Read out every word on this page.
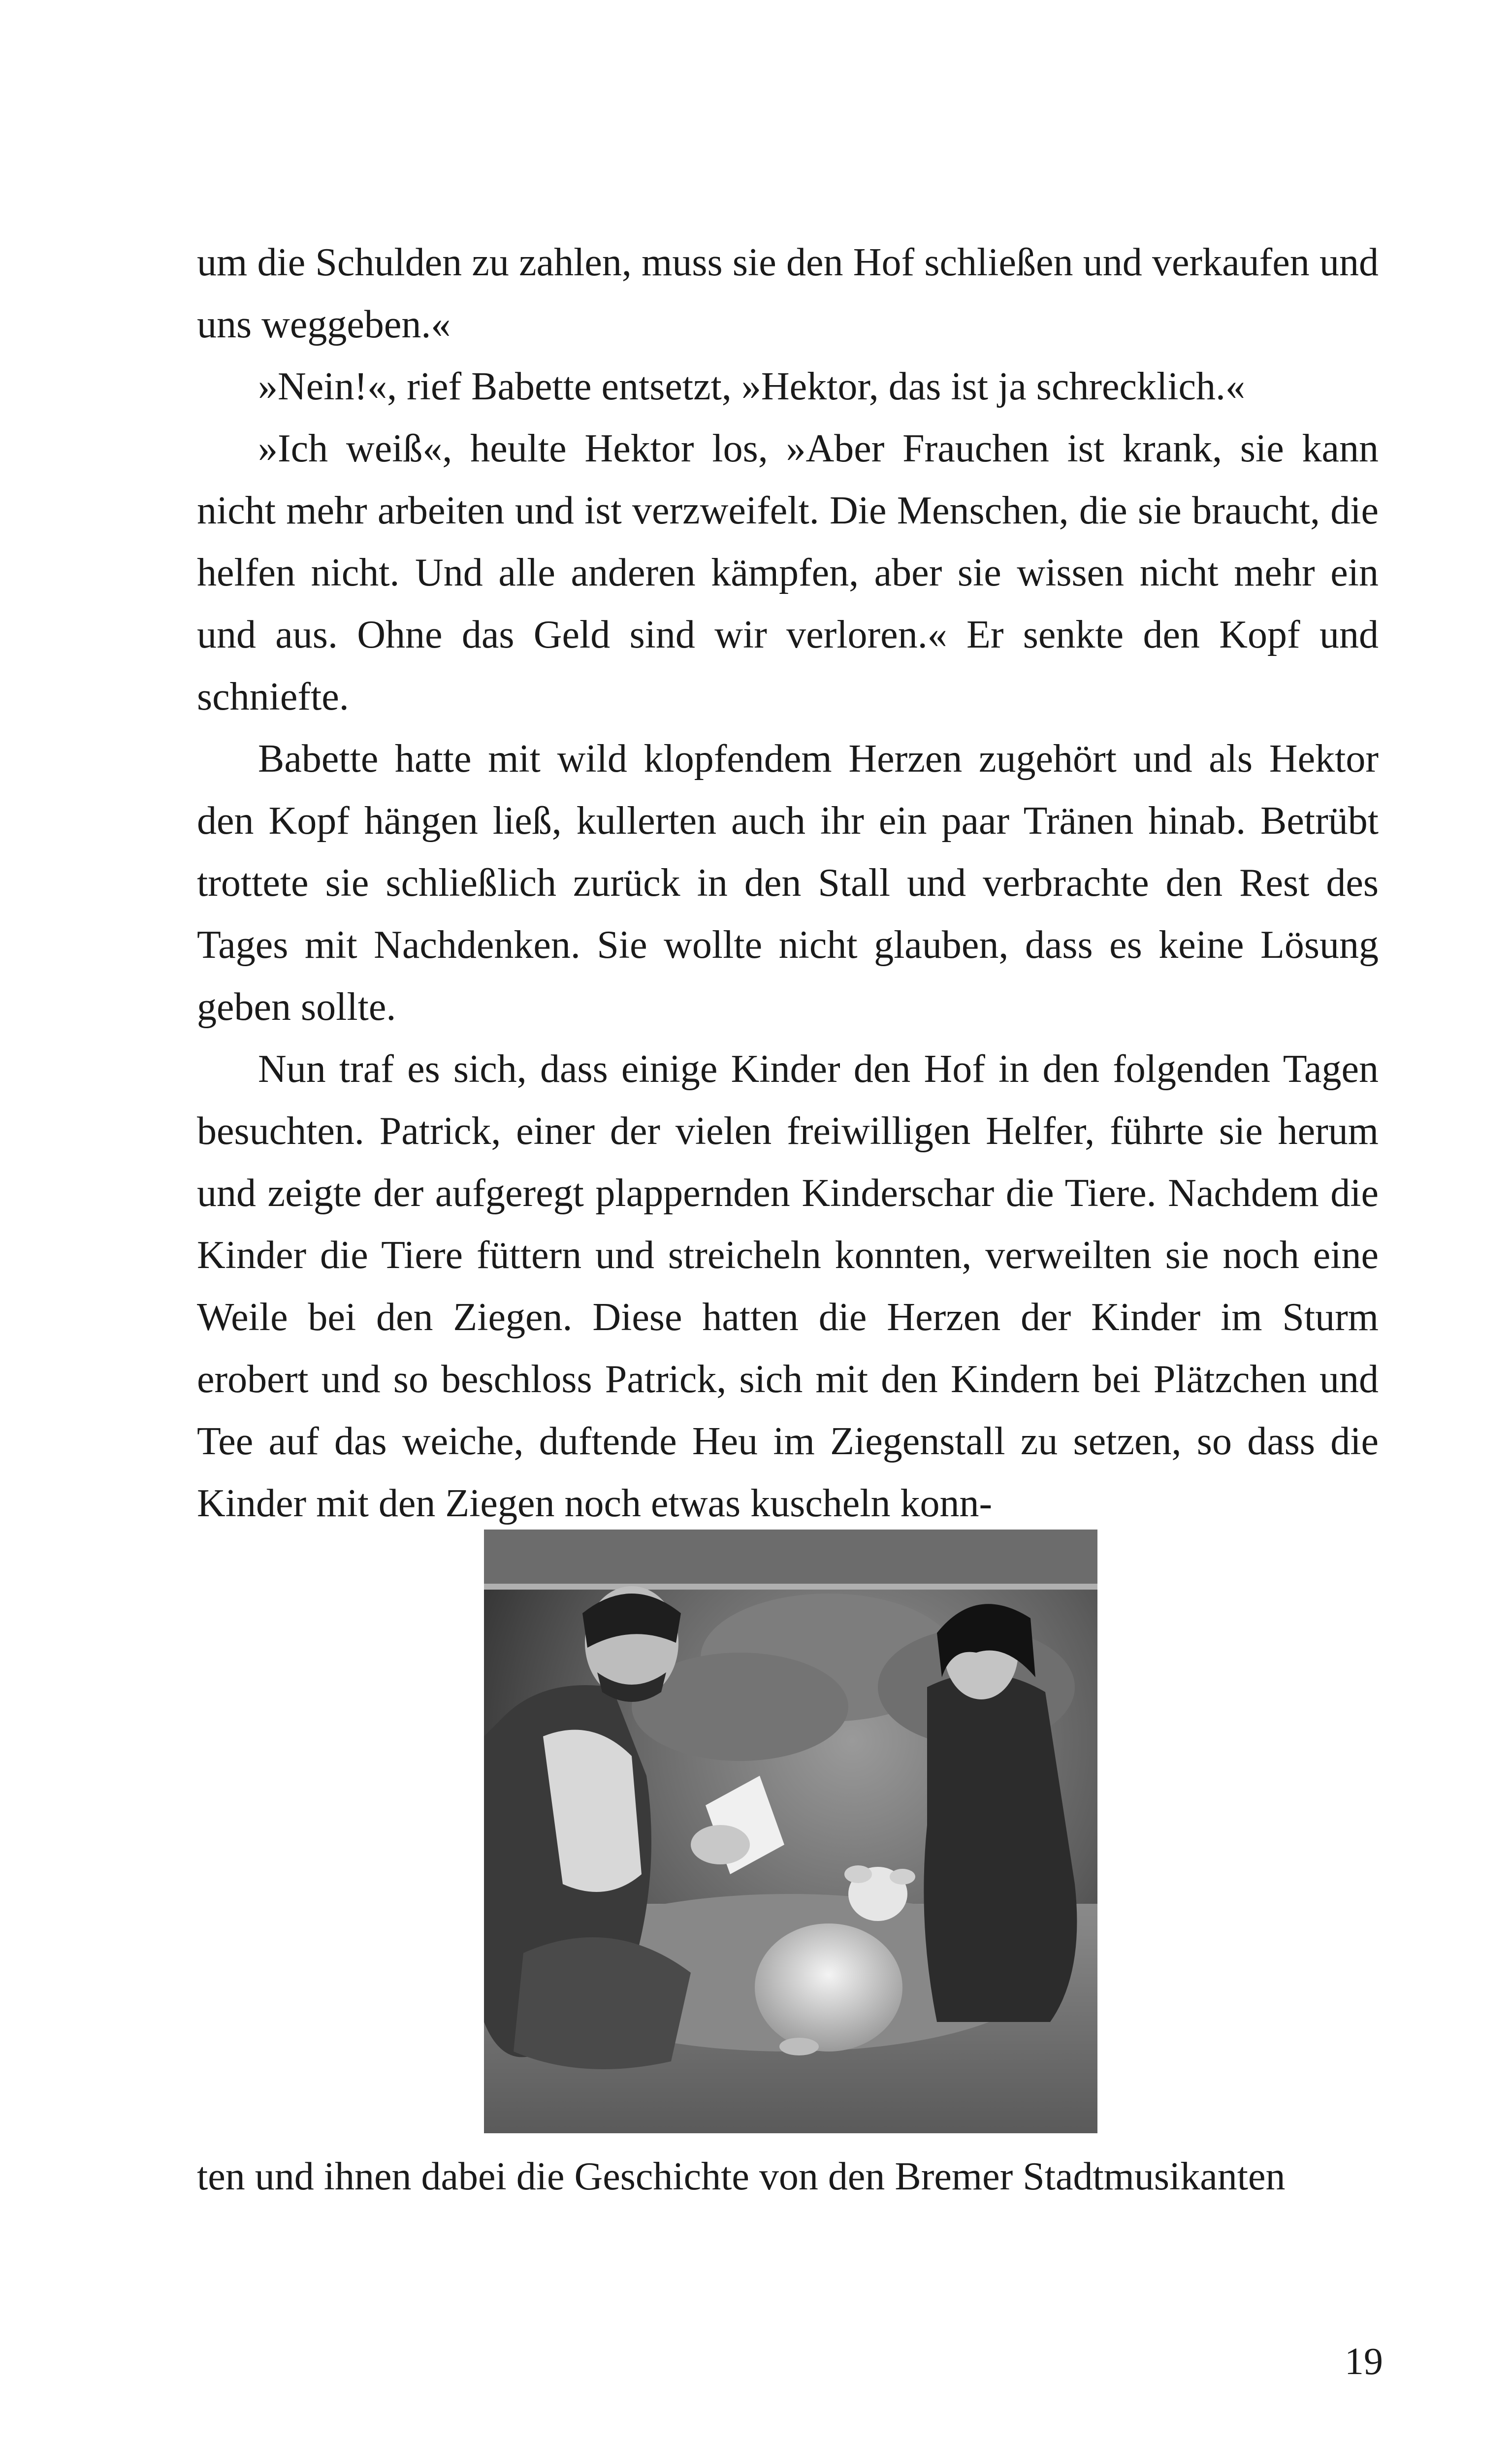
um die Schulden zu zahlen, muss sie den Hof schließen und verkaufen und uns weggeben.«

»Nein!«, rief Babette entsetzt, »Hektor, das ist ja schrecklich.«

»Ich weiß«, heulte Hektor los, »Aber Frauchen ist krank, sie kann nicht mehr arbeiten und ist verzweifelt. Die Menschen, die sie braucht, die helfen nicht. Und alle anderen kämpfen, aber sie wissen nicht mehr ein und aus. Ohne das Geld sind wir verloren.« Er senkte den Kopf und schniefte.

Babette hatte mit wild klopfendem Herzen zugehört und als Hektor den Kopf hängen ließ, kullerten auch ihr ein paar Tränen hinab. Betrübt trottete sie schließlich zurück in den Stall und verbrachte den Rest des Tages mit Nachdenken. Sie wollte nicht glauben, dass es keine Lösung geben sollte.

Nun traf es sich, dass einige Kinder den Hof in den folgenden Tagen besuchten. Patrick, einer der vielen freiwilligen Helfer, führte sie herum und zeigte der aufgeregt plappernden Kinderschar die Tiere. Nachdem die Kinder die Tiere füttern und streicheln konnten, verweilten sie noch eine Weile bei den Ziegen. Diese hatten die Herzen der Kinder im Sturm erobert und so beschloss Patrick, sich mit den Kindern bei Plätzchen und Tee auf das weiche, duftende Heu im Ziegenstall zu setzen, so dass die Kinder mit den Ziegen noch etwas kuscheln konn-

ten und ihnen dabei die Geschichte von den Bremer Stadtmusikanten

19
